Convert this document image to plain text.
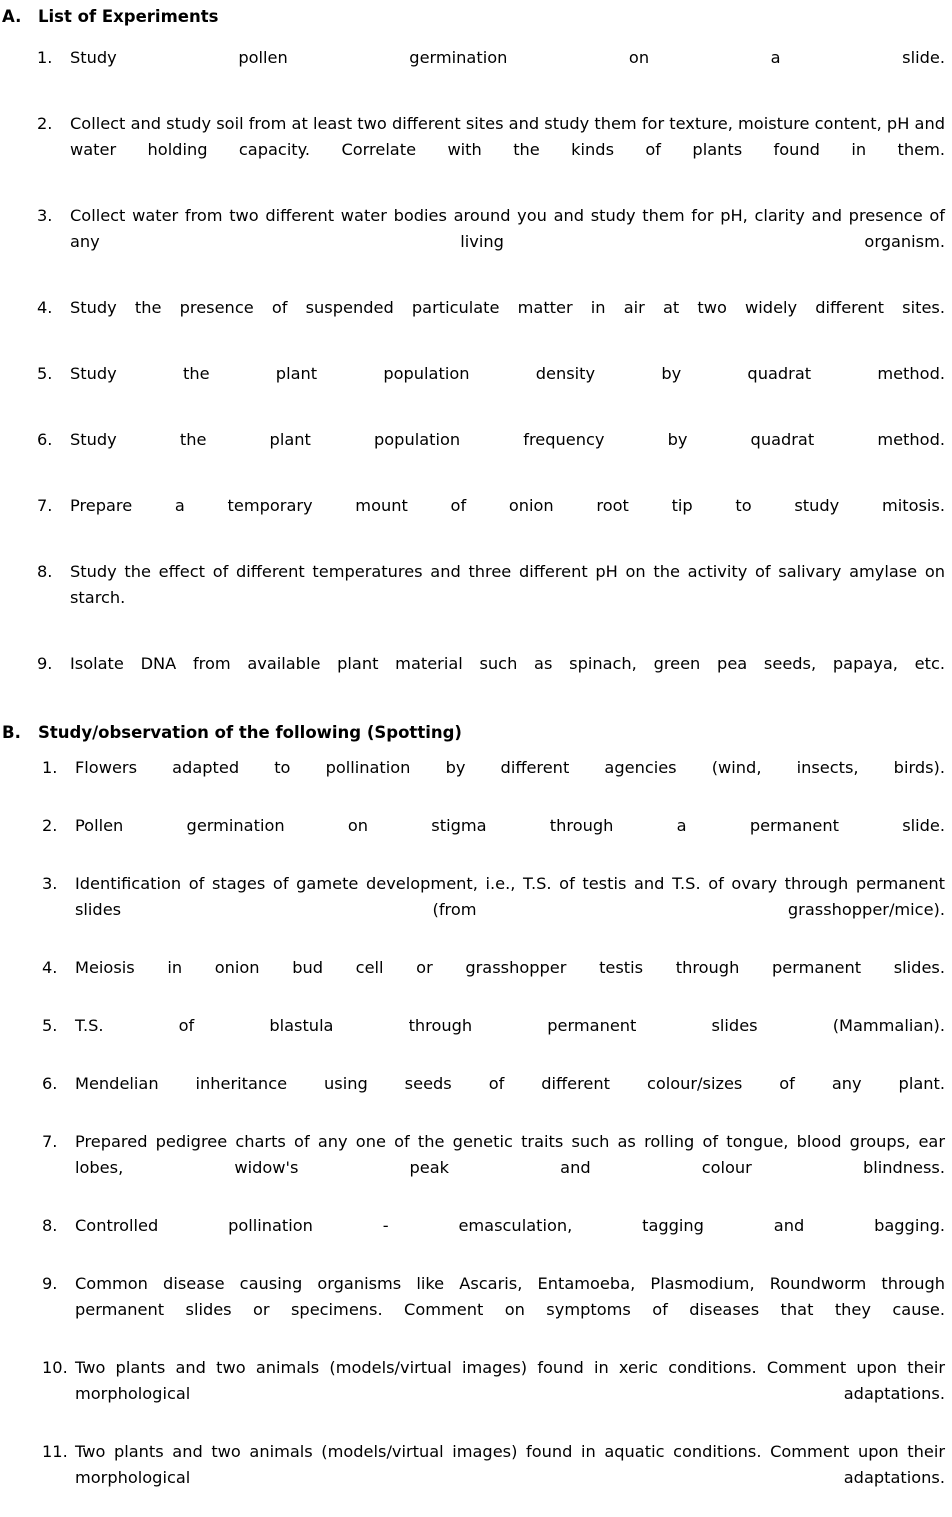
A.	List of Experiments
1.	Study pollen germination on a slide.
2.	Collect and study soil from at least two different sites and study them for texture, moisture content, pH and water holding capacity. Correlate with the kinds of plants found in them.
3.	Collect water from two different water bodies around you and study them for pH, clarity and presence of any living organism.
4.	Study the presence of suspended particulate matter in air at two widely different sites.
5.	Study the plant population density by quadrat method.
6.	Study the plant population frequency by quadrat method.
7.	Prepare a temporary mount of onion root tip to study mitosis.
8.	Study the effect of different temperatures and three different pH on the activity of salivary amylase on starch.
9.	Isolate DNA from available plant material such as spinach, green pea seeds, papaya, etc.
B.	Study/observation of the following (Spotting)
1.	Flowers adapted to pollination by different agencies (wind, insects, birds).
2.	Pollen germination on stigma through a permanent slide.
3.	Identification of stages of gamete development, i.e., T.S. of testis and T.S. of ovary through permanent slides (from grasshopper/mice).
4.	Meiosis in onion bud cell or grasshopper testis through permanent slides.
5.	T.S. of blastula through permanent slides (Mammalian).
6.	Mendelian inheritance using seeds of different colour/sizes of any plant.
7.	Prepared pedigree charts of any one of the genetic traits such as rolling of tongue, blood groups, ear lobes, widow's peak and colour blindness.
8.	Controlled pollination - emasculation, tagging and bagging.
9.	Common disease causing organisms like Ascaris, Entamoeba, Plasmodium, Roundworm through permanent slides or specimens. Comment on symptoms of diseases that they cause.
10. Two plants and two animals (models/virtual images) found in xeric conditions. Comment upon their morphological adaptations.
11. Two plants and two animals (models/virtual images) found in aquatic conditions. Comment upon their morphological adaptations.
